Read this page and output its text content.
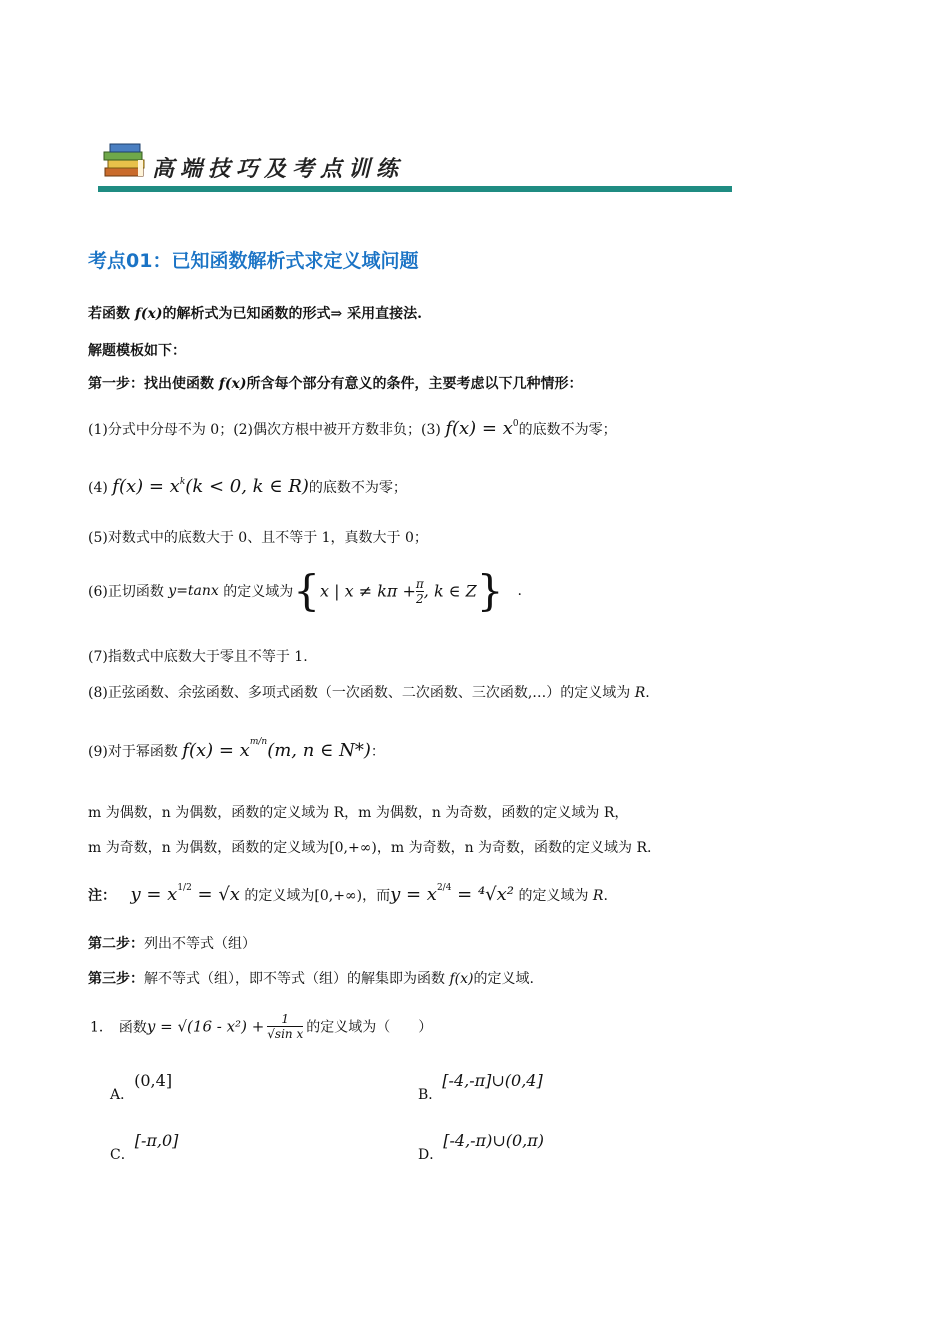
高端技巧及考点训练
考点01：已知函数解析式求定义域问题
若函数 f(x)的解析式为已知函数的形式⇒ 采用直接法.
解题模板如下：
第一步：找出使函数 f(x)所含每个部分有意义的条件，主要考虑以下几种情形：
(1)分式中分母不为 0；(2)偶次方根中被开方数非负；(3) $f(x) = x^0$的底数不为零；
(4) $f(x) = x^k(k < 0$, k ∈ R)的底数不为零；
(5)对数式中的底数大于 0、且不等于 1，真数大于 0；
(6)正切函数 y=tanx 的定义域为{x | $x \ne k\pi + \frac{\pi}{2}$ , k ∈ Z} .
(7)指数式中底数大于零且不等于 1.
(8)正弦函数、余弦函数、多项式函数（一次函数、二次函数、三次函数,…）的定义域为 R.
(9)对于幂函数 $f(x) = x^{m/n}(m$, n ∈ N*)：
m 为偶数，n 为偶数，函数的定义域为 R，m 为偶数，n 为奇数，函数的定义域为 R，
m 为奇数，n 为偶数，函数的定义域为[0,+∞)，m 为奇数，n 为奇数，函数的定义域为 R.
注： $y = x^{1/2} = √x$ 的定义域为[0,+∞)，而$y = x^{2/4} = ^4√x^2$ 的定义域为 R.
第二步：列出不等式（组）
第三步：解不等式（组），即不等式（组）的解集即为函数 f(x)的定义域.
1． 函数$y = √(16 - x^2) + \frac{1}{\text{√sin x}}$ 的定义域为（　　）
A．(0,4]
B．[-4,-π]∪(0,4]
C．[-π,0]
D．[-4,-π)∪(0,π)
